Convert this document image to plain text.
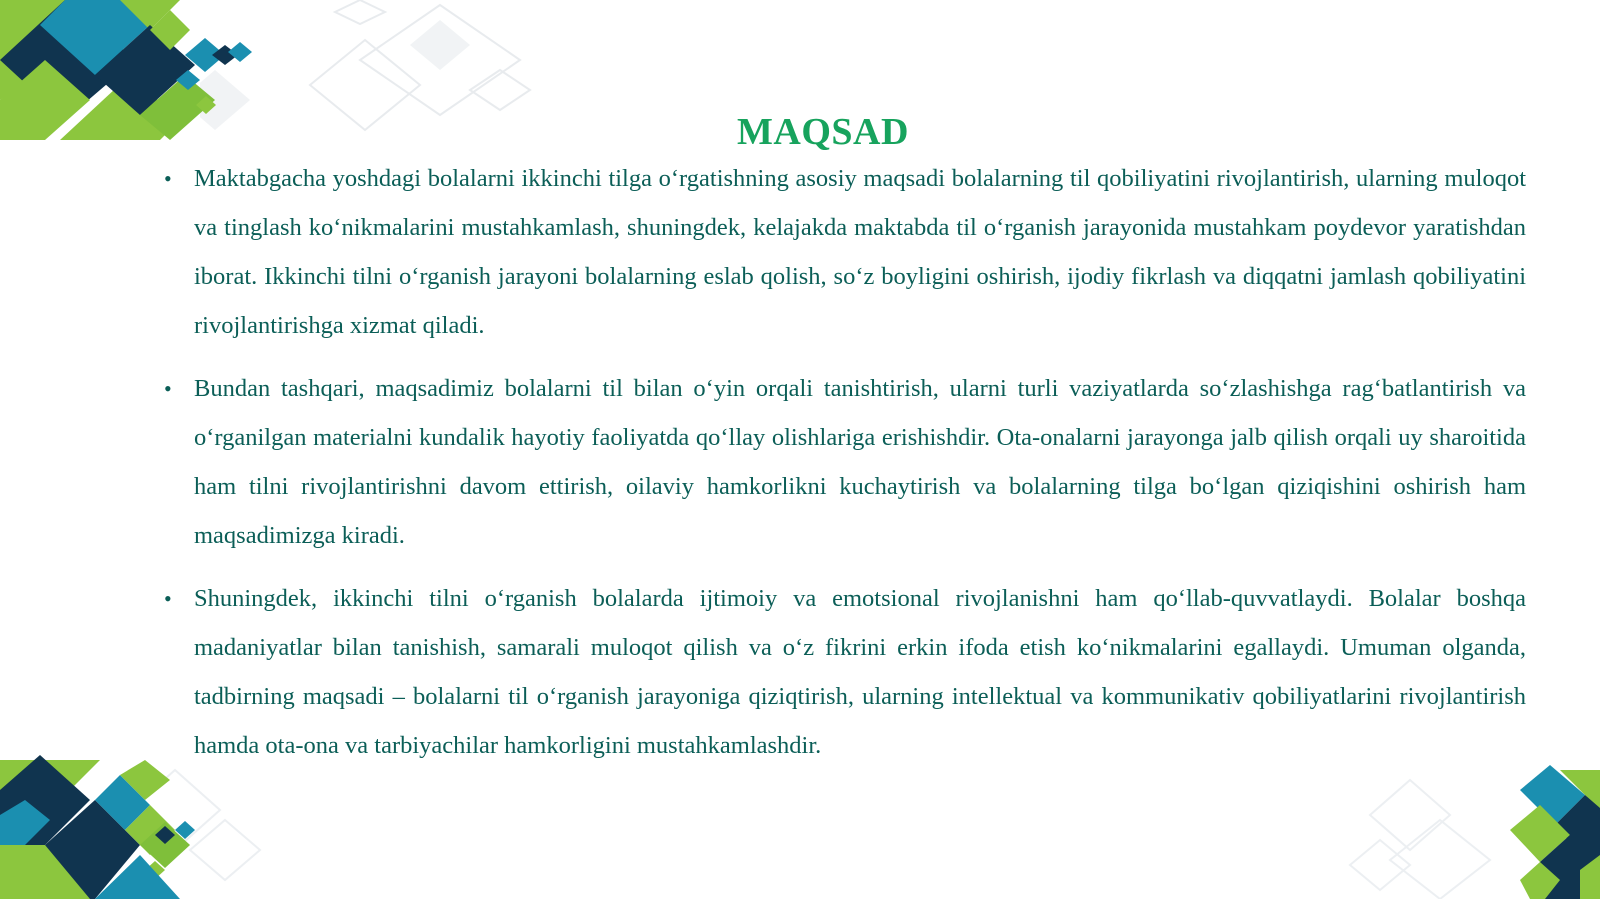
MAQSAD
• Maktabgacha yoshdagi bolalarni ikkinchi tilga o‘rgatishning asosiy maqsadi bolalarning til qobiliyatini rivojlantirish, ularning muloqot va tinglash ko‘nikmalarini mustahkamlash, shuningdek, kelajakda maktabda til o‘rganish jarayonida mustahkam poydevor yaratishdan iborat. Ikkinchi tilni o‘rganish jarayoni bolalarning eslab qolish, so‘z boyligini oshirish, ijodiy fikrlash va diqqatni jamlash qobiliyatini rivojlantirishga xizmat qiladi.
• Bundan tashqari, maqsadimiz bolalarni til bilan o‘yin orqali tanishtirish, ularni turli vaziyatlarda so‘zlashishga rag‘batlantirish va o‘rganilgan materialni kundalik hayotiy faoliyatda qo‘llay olishlariga erishishdir. Ota-onalarni jarayonga jalb qilish orqali uy sharoitida ham tilni rivojlantirishni davom ettirish, oilaviy hamkorlikni kuchaytirish va bolalarning tilga bo‘lgan qiziqishini oshirish ham maqsadimizga kiradi.
• Shuningdek, ikkinchi tilni o‘rganish bolalarda ijtimoiy va emotsional rivojlanishni ham qo‘llab-quvvatlaydi. Bolalar boshqa madaniyatlar bilan tanishish, samarali muloqot qilish va o‘z fikrini erkin ifoda etish ko‘nikmalarini egallaydi. Umuman olganda, tadbirning maqsadi – bolalarni til o‘rganish jarayoniga qiziqtirish, ularning intellektual va kommunikativ qobiliyatlarini rivojlantirish hamda ota-ona va tarbiyachilar hamkorligini mustahkamlashdir.
